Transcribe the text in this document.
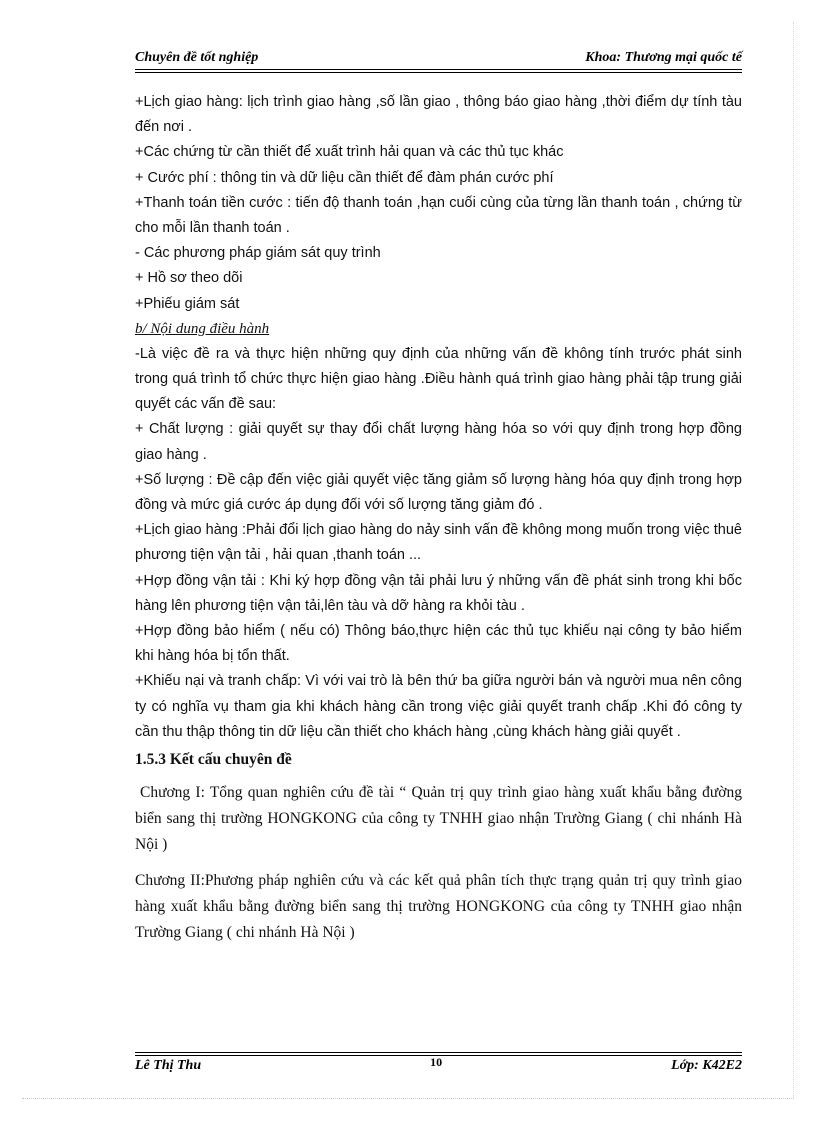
Chuyên đề tốt nghiệp	Khoa: Thương mại quốc tế

+Lịch giao hàng: lịch trình giao hàng ,số lần giao , thông báo giao hàng ,thời điểm dự tính tàu đến nơi .

+Các chứng từ cần thiết để xuất trình hải quan và các thủ tục khác

+ Cước phí : thông tin và dữ liệu cần thiết để đàm phán cước phí

+Thanh toán tiền cước : tiến độ thanh toán ,hạn cuối cùng của từng lần thanh toán , chứng từ cho mỗi lần thanh toán .

- Các phương pháp giám sát quy trình

+ Hồ sơ theo dõi

+Phiếu giám sát

b/ Nội dung điều hành

-Là việc đề ra và thực hiện những quy định của những vấn đề không tính trước phát sinh trong quá trình tổ chức thực hiện giao hàng .Điều hành quá trình giao hàng phải tập trung giải quyết các vấn đề sau:

+ Chất lượng : giải quyết sự thay đổi chất lượng hàng hóa so với quy định trong hợp đồng giao hàng .

+Số lượng : Đề cập đến việc giải quyết việc tăng giảm số lượng hàng hóa quy định trong hợp đồng và mức giá cước áp dụng đối với số lượng tăng giảm đó .

+Lịch giao hàng :Phải đổi lịch giao hàng do nảy sinh vấn đề không mong muốn trong việc thuê phương tiện vận tải , hải quan ,thanh toán ...

+Hợp đồng vận tải : Khi ký hợp đồng vận tải phải lưu ý những vấn đề phát sinh trong khi bốc hàng lên phương tiện vận tải,lên tàu và dỡ hàng ra khỏi tàu .

+Hợp đồng bảo hiểm ( nếu có) Thông báo,thực hiện các thủ tục khiếu nại công ty bảo hiểm khi hàng hóa bị tổn thất.

+Khiếu nại và tranh chấp: Vì với vai trò là bên thứ ba giữa người bán và người mua nên công ty có nghĩa vụ tham gia khi khách hàng cần trong việc giải quyết tranh chấp .Khi đó công ty cần thu thập thông tin dữ liệu cần thiết cho khách hàng ,cùng khách hàng giải quyết .

1.5.3 Kết cấu chuyên đề

Chương I: Tổng quan nghiên cứu đề tài “ Quản trị quy trình giao hàng xuất khẩu bằng đường biển sang thị trường HONGKONG của công ty TNHH giao nhận Trường Giang ( chi nhánh Hà Nội )

Chương II:Phương pháp nghiên cứu và các kết quả phân tích thực trạng quản trị quy trình giao hàng xuất khẩu bằng đường biển sang thị trường HONGKONG của công ty TNHH giao nhận Trường Giang ( chi nhánh Hà Nội )

Lê Thị Thu	10	Lớp: K42E2
